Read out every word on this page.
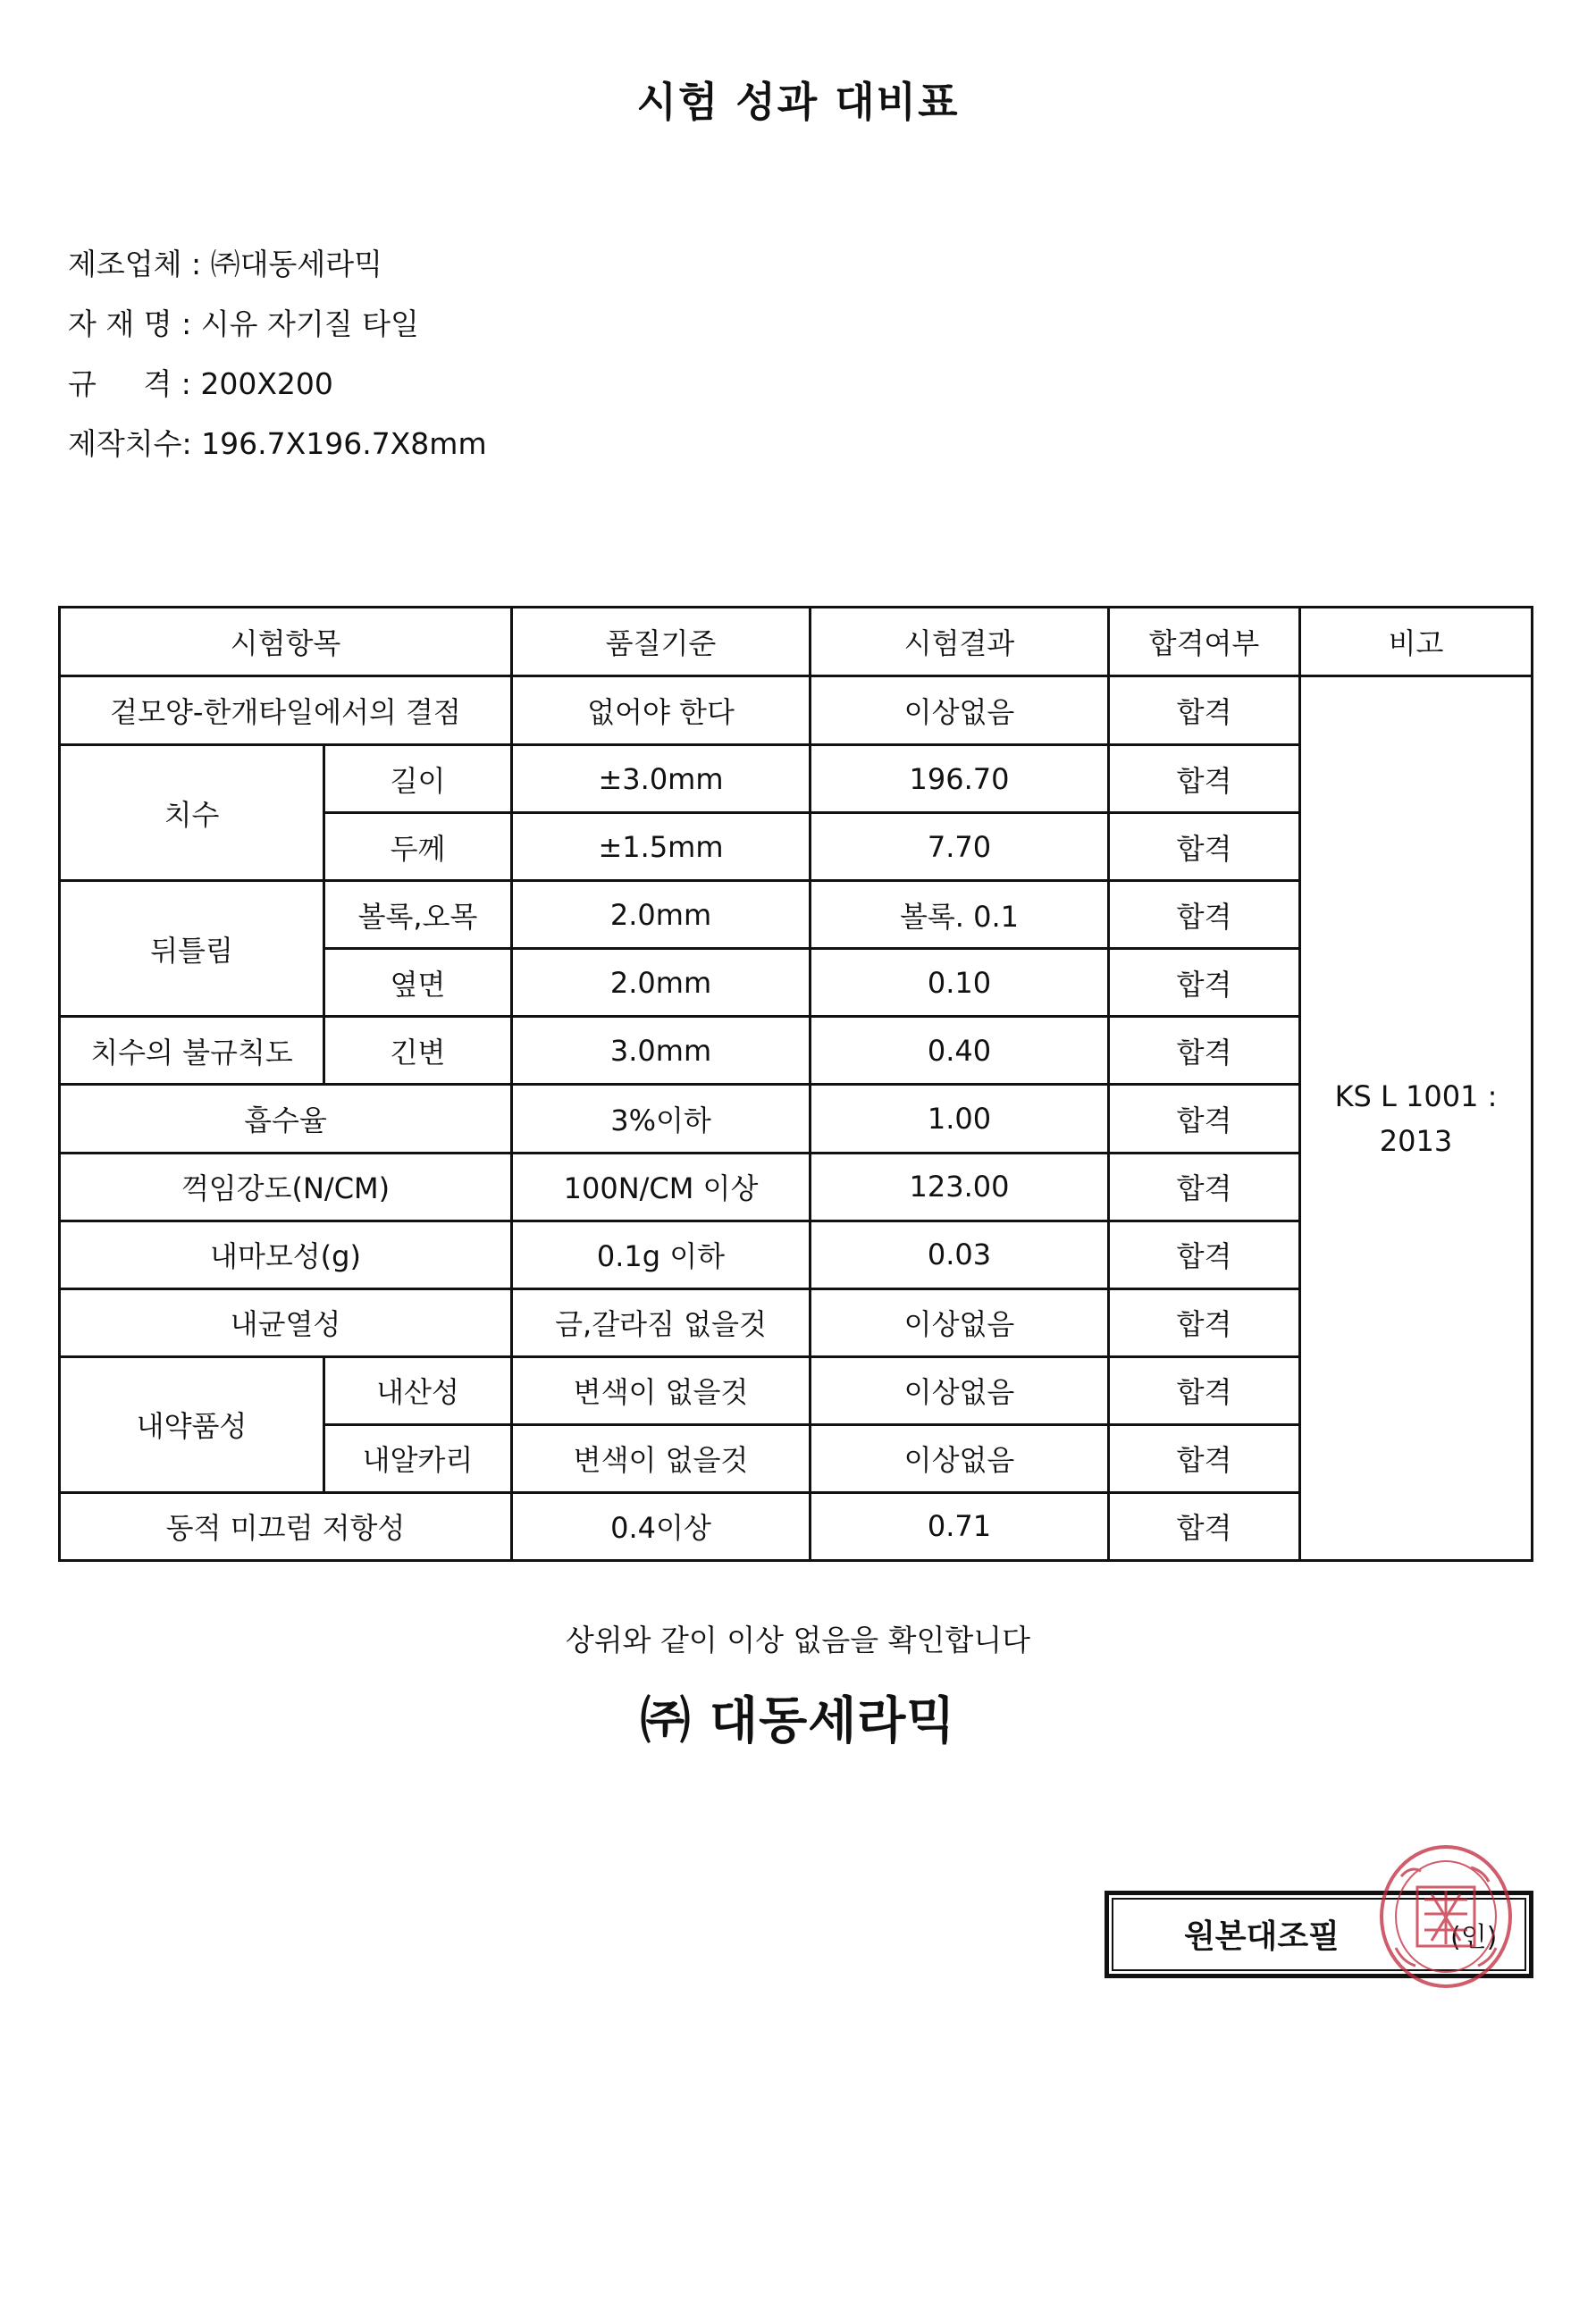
시험 성과 대비표
제조업체 : ㈜대동세라믹
자 재 명 : 시유 자기질 타일
규     격 : 200X200
제작치수: 196.7X196.7X8mm
시험항목		품질기준	시험결과	합격여부	비고
겉모양-한개타일에서의 결점		없어야 한다	이상없음	합격	KS L 1001 : 2013
치수	길이	±3.0mm	196.70	합격	
	두께	±1.5mm	7.70	합격	
뒤틀림	볼록,오목	2.0mm	볼록. 0.1	합격	
	옆면	2.0mm	0.10	합격	
치수의 불규칙도	긴변	3.0mm	0.40	합격	
흡수율		3%이하	1.00	합격	
꺽임강도(N/CM)		100N/CM 이상	123.00	합격	
내마모성(g)		0.1g 이하	0.03	합격	
내균열성		금,갈라짐 없을것	이상없음	합격	
내약품성	내산성	변색이 없을것	이상없음	합격	
	내알카리	변색이 없을것	이상없음	합격	
동적 미끄럼 저항성		0.4이상	0.71	합격	
상위와 같이 이상 없음을 확인합니다
㈜ 대동세라믹
원본대조필	(인)
